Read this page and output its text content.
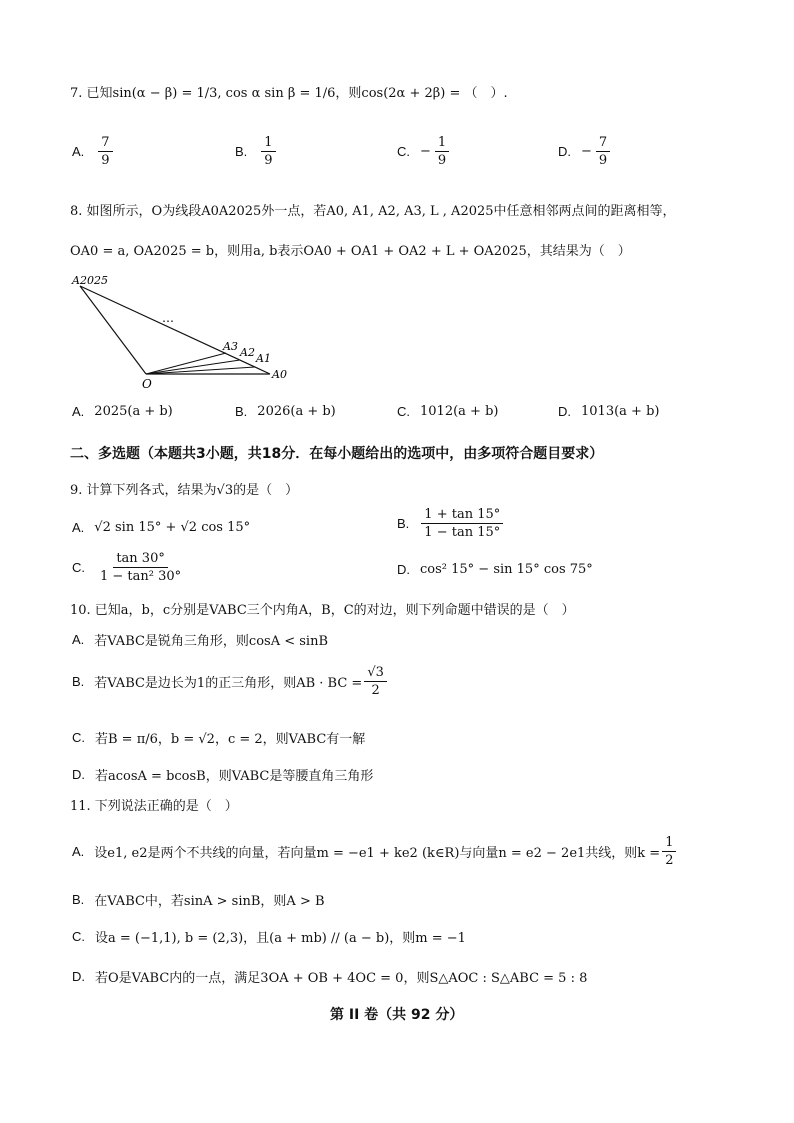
7. 已知sin(α − β) = 1/3, cos α sin β = 1/6，则cos(2α + 2β) = （　）.
A. $\frac{7}{9}$	B. $\frac{1}{9}$	C. − $\frac{1}{9}$	D. − $\frac{7}{9}$
8. 如图所示，O为线段A0A2025外一点，若A0, A1, A2, A3, L , A2025中任意相邻两点间的距离相等，
OA0 = a, OA2025 = b，则用a, b表示OA0 + OA1 + OA2 + L + OA2025，其结果为（　）
A2025
…
A3 A2 A1
A0
O
A. 2025(a + b)	B. 2026(a + b)	C. 1012(a + b)	D. 1013(a + b)
二、多选题（本题共3小题，共18分．在每小题给出的选项中，由多项符合题目要求）
9. 计算下列各式，结果为√3的是（　）
A. √2 sin 15° + √2 cos 15°	B. $\frac{1 + \tan 15^\circ}{1 - \tan 15^\circ}$
C. $\frac{\tan 30^\circ}{\text{1 − tan² 30°}}$	D. cos² 15° − sin 15° cos 75°
10. 已知a，b，c分别是VABC三个内角A，B，C的对边，则下列命题中错误的是（　）
A. 若VABC是锐角三角形，则cosA < sinB
B. 若VABC是边长为1的正三角形，则AB · BC = $\frac{√3}{2}$
C. 若B = π/6，b = √2，c = 2，则VABC有一解
D. 若acosA = bcosB，则VABC是等腰直角三角形
11. 下列说法正确的是（　）
A. 设e1, e2是两个不共线的向量，若向量m = −e1 + ke2 (k∈R)与向量n = e2 − 2e1共线，则$k = \frac{1}{2}$
B. 在VABC中，若sinA > sinB，则A > B
C. 设a = (−1,1), b = (2,3)，且(a + mb) // (a − b)，则m = −1
D. 若O是VABC内的一点，满足3OA + OB + 4OC = 0，则S△AOC : S△ABC = 5 : 8
第 II 卷（共 92 分）
